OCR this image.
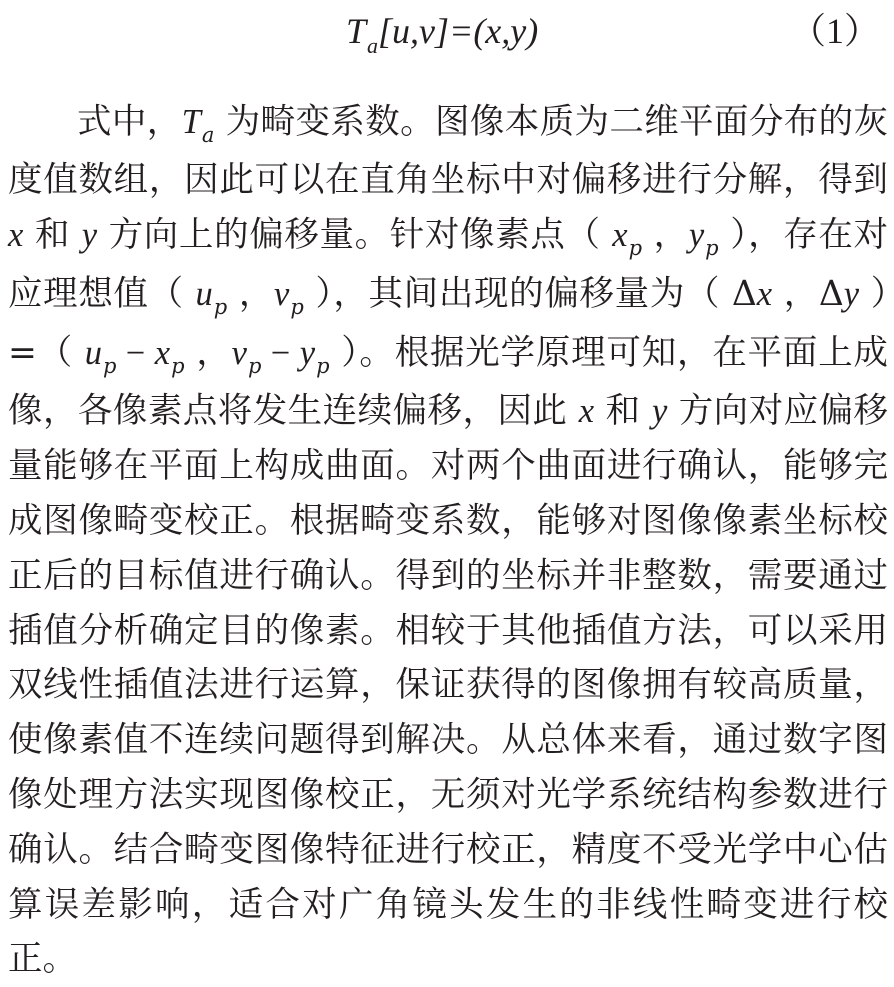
$T_a[u,v]=(x,y)$	（1）

式中，$T_a$ 为畸变系数。图像本质为二维平面分布的灰度值数组，因此可以在直角坐标中对偏移进行分解，得到 x 和 y 方向上的偏移量。针对像素点（ $x_p$ ，$y_p$ ），存在对应理想值（ $u_p$ ，$v_p$ ），其间出现的偏移量为（ Δx ，Δy ）=（ $u_p - x_p$ ，$v_p - y_p$ ）。根据光学原理可知，在平面上成像，各像素点将发生连续偏移，因此 x 和 y 方向对应偏移量能够在平面上构成曲面。对两个曲面进行确认，能够完成图像畸变校正。根据畸变系数，能够对图像像素坐标校正后的目标值进行确认。得到的坐标并非整数，需要通过插值分析确定目的像素。相较于其他插值方法，可以采用双线性插值法进行运算，保证获得的图像拥有较高质量，使像素值不连续问题得到解决。从总体来看，通过数字图像处理方法实现图像校正，无须对光学系统结构参数进行确认。结合畸变图像特征进行校正，精度不受光学中心估算误差影响，适合对广角镜头发生的非线性畸变进行校正。
